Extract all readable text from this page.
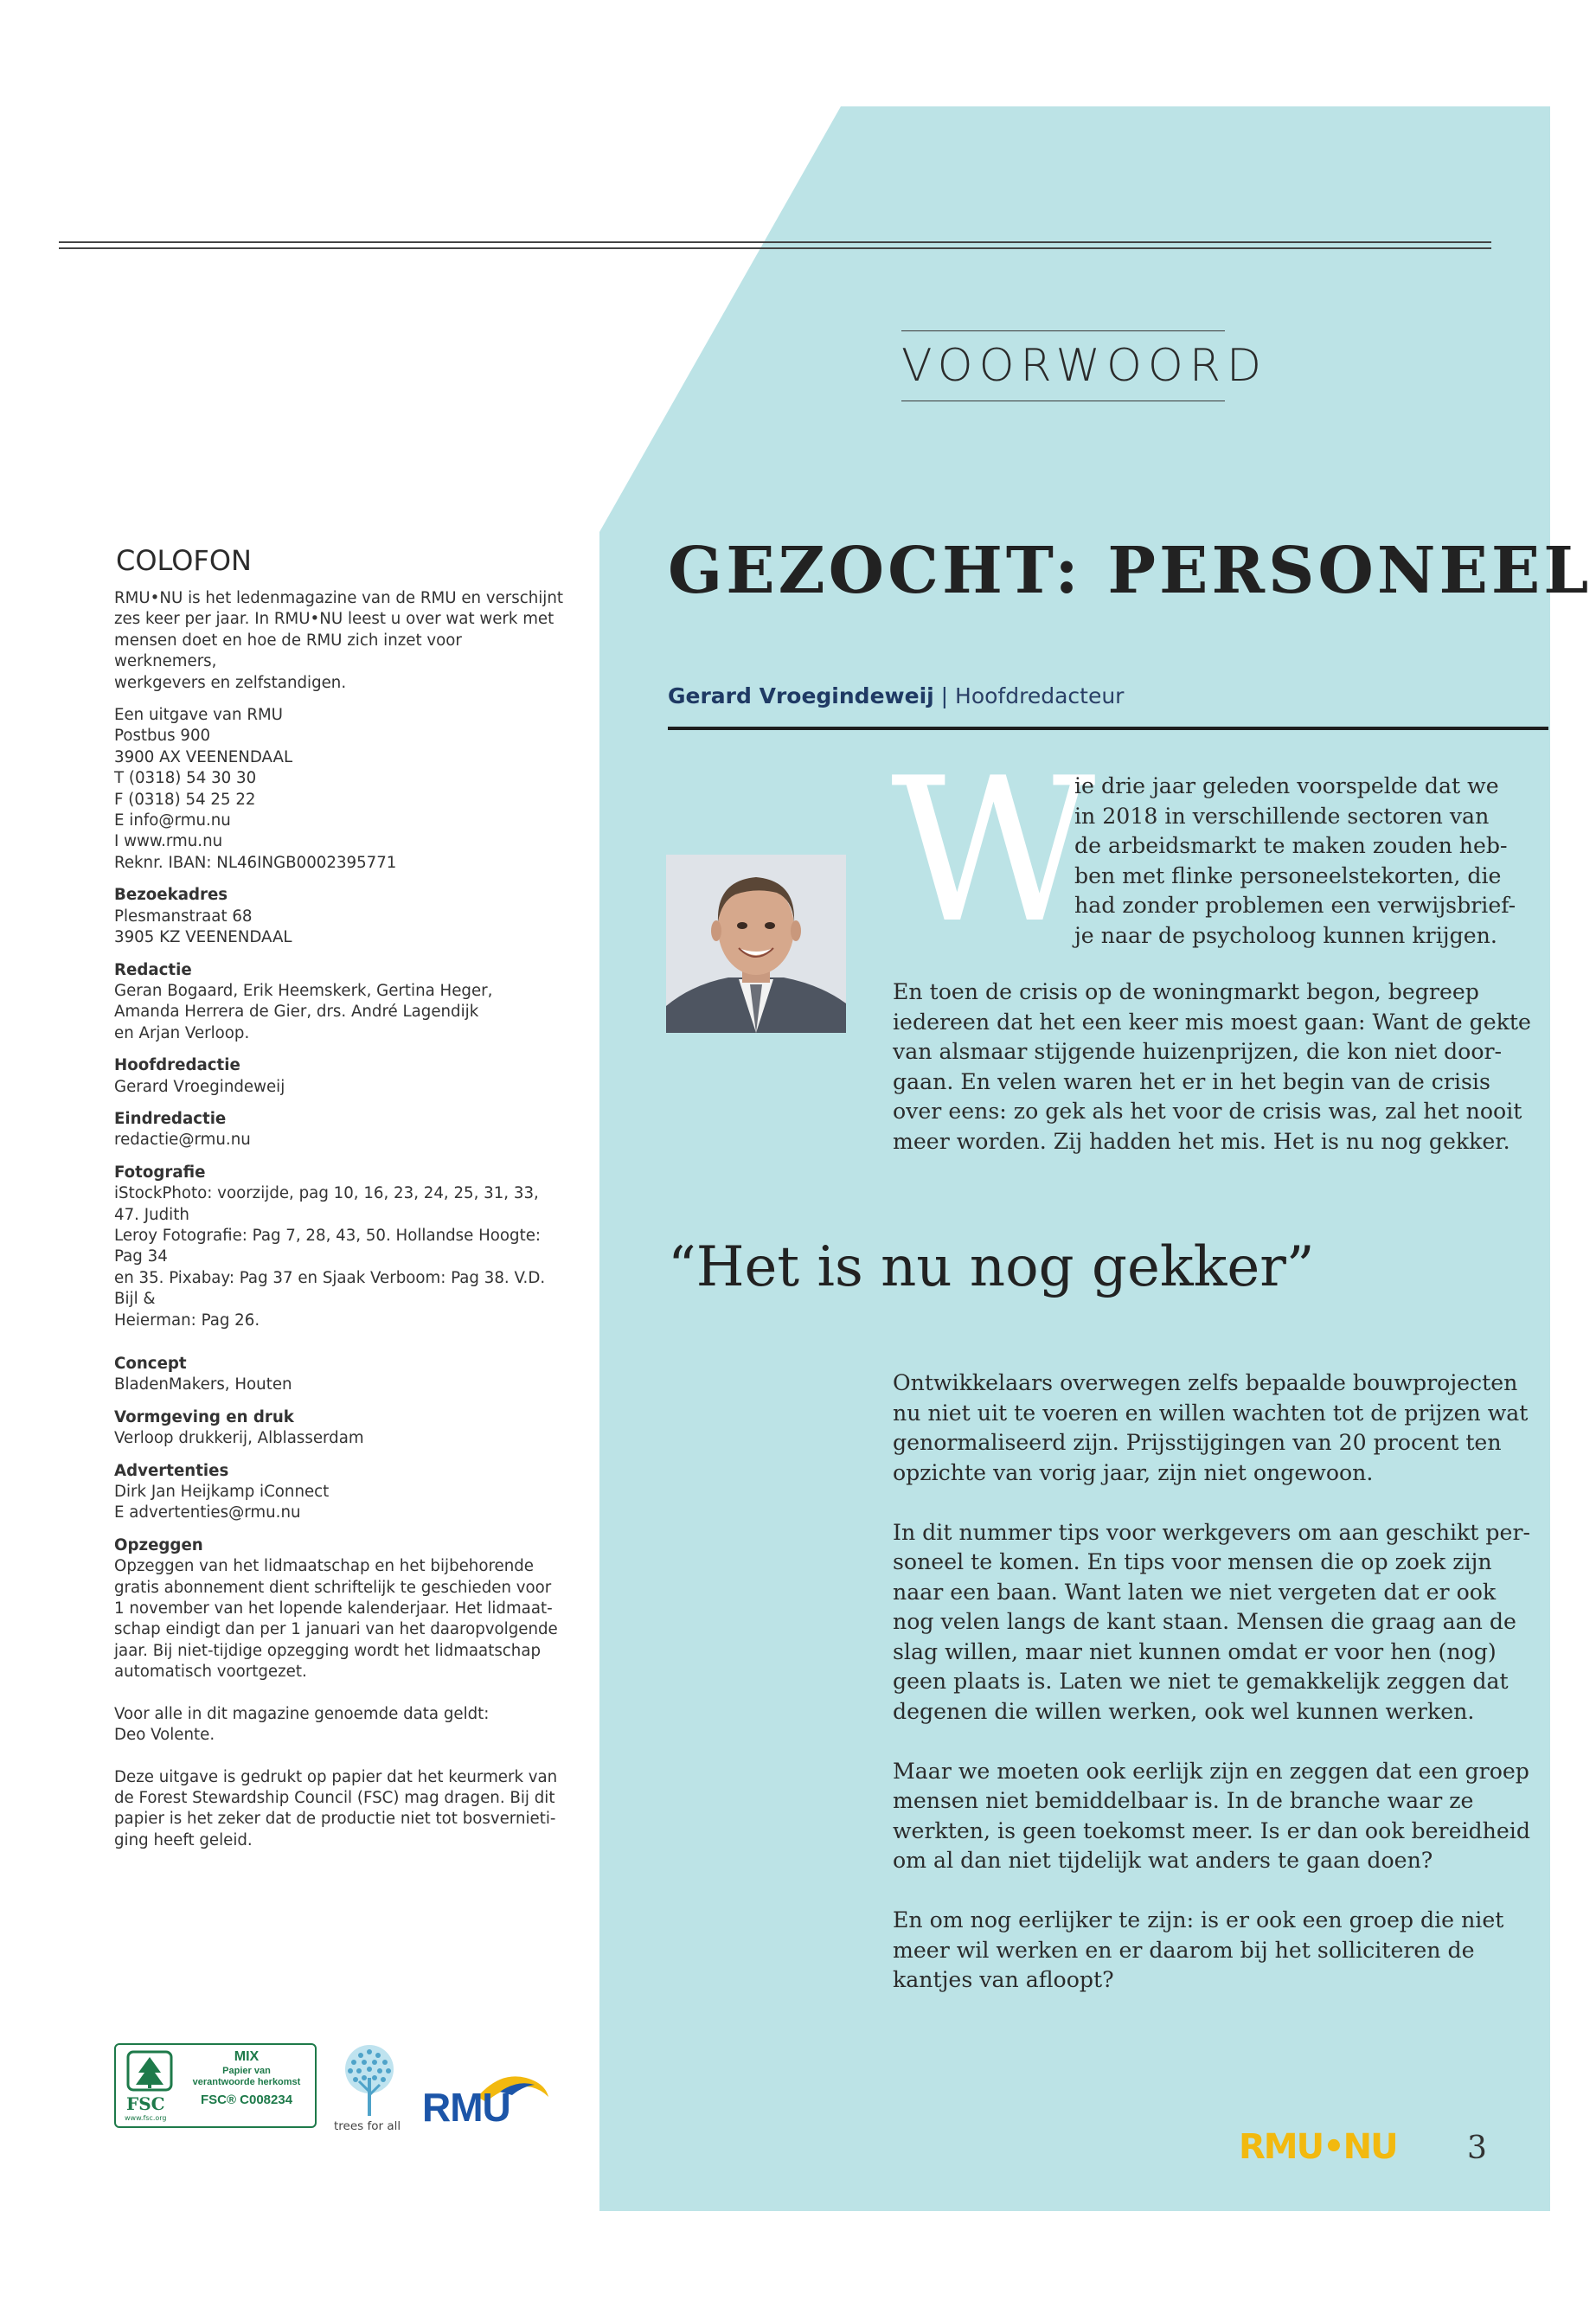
VOORWOORD
COLOFON
RMU•NU is het ledenmagazine van de RMU en verschijnt
zes keer per jaar. In RMU•NU leest u over wat werk met
mensen doet en hoe de RMU zich inzet voor werknemers,
werkgevers en zelfstandigen.
Een uitgave van RMU
Postbus 900
3900 AX VEENENDAAL
T (0318) 54 30 30
F (0318) 54 25 22
E info@rmu.nu
I www.rmu.nu
Reknr. IBAN: NL46INGB0002395771
Bezoekadres
Plesmanstraat 68
3905 KZ VEENENDAAL
Redactie
Geran Bogaard, Erik Heemskerk, Gertina Heger,
Amanda Herrera de Gier, drs. André Lagendijk
en Arjan Verloop.
Hoofdredactie
Gerard Vroegindeweij
Eindredactie
redactie@rmu.nu
Fotografie
iStockPhoto: voorzijde, pag 10, 16, 23, 24, 25, 31, 33, 47. Judith
Leroy Fotografie: Pag 7, 28, 43, 50. Hollandse Hoogte: Pag 34
en 35. Pixabay: Pag 37 en Sjaak Verboom: Pag 38. V.D. Bijl &
Heierman: Pag 26.
Concept
BladenMakers, Houten
Vormgeving en druk
Verloop drukkerij, Alblasserdam
Advertenties
Dirk Jan Heijkamp iConnect
E advertenties@rmu.nu
Opzeggen
Opzeggen van het lidmaatschap en het bijbehorende
gratis abonnement dient schriftelijk te geschieden voor
1 november van het lopende kalenderjaar. Het lidmaat-
schap eindigt dan per 1 januari van het daaropvolgende
jaar. Bij niet-tijdige opzegging wordt het lidmaatschap
automatisch voortgezet.
Voor alle in dit magazine genoemde data geldt:
Deo Volente.
Deze uitgave is gedrukt op papier dat het keurmerk van
de Forest Stewardship Council (FSC) mag dragen. Bij dit
papier is het zeker dat de productie niet tot bosvernieti-
ging heeft geleid.
GEZOCHT: PERSONEEL
Gerard Vroegindeweij | Hoofdredacteur
W
ie drie jaar geleden voorspelde dat we
in 2018 in verschillende sectoren van
de arbeidsmarkt te maken zouden heb-
ben met flinke personeelstekorten, die
had zonder problemen een verwijsbrief-
je naar de psycholoog kunnen krijgen.
En toen de crisis op de woningmarkt begon, begreep
iedereen dat het een keer mis moest gaan: Want de gekte
van alsmaar stijgende huizenprijzen, die kon niet door-
gaan. En velen waren het er in het begin van de crisis
over eens: zo gek als het voor de crisis was, zal het nooit
meer worden. Zij hadden het mis. Het is nu nog gekker.
“Het is nu nog gekker”
Ontwikkelaars overwegen zelfs bepaalde bouwprojecten
nu niet uit te voeren en willen wachten tot de prijzen wat
genormaliseerd zijn. Prijsstijgingen van 20 procent ten
opzichte van vorig jaar, zijn niet ongewoon.
In dit nummer tips voor werkgevers om aan geschikt per-
soneel te komen. En tips voor mensen die op zoek zijn
naar een baan. Want laten we niet vergeten dat er ook
nog velen langs de kant staan. Mensen die graag aan de
slag willen, maar niet kunnen omdat er voor hen (nog)
geen plaats is. Laten we niet te gemakkelijk zeggen dat
degenen die willen werken, ook wel kunnen werken.
Maar we moeten ook eerlijk zijn en zeggen dat een groep
mensen niet bemiddelbaar is. In de branche waar ze
werkten, is geen toekomst meer. Is er dan ook bereidheid
om al dan niet tijdelijk wat anders te gaan doen?
En om nog eerlijker te zijn: is er ook een groep die niet
meer wil werken en er daarom bij het solliciteren de
kantjes van afloopt?
FSC
www.fsc.org
MIX
Papier van
verantwoorde herkomst
FSC® C008234
trees for all RMU
RMU•NU 3
